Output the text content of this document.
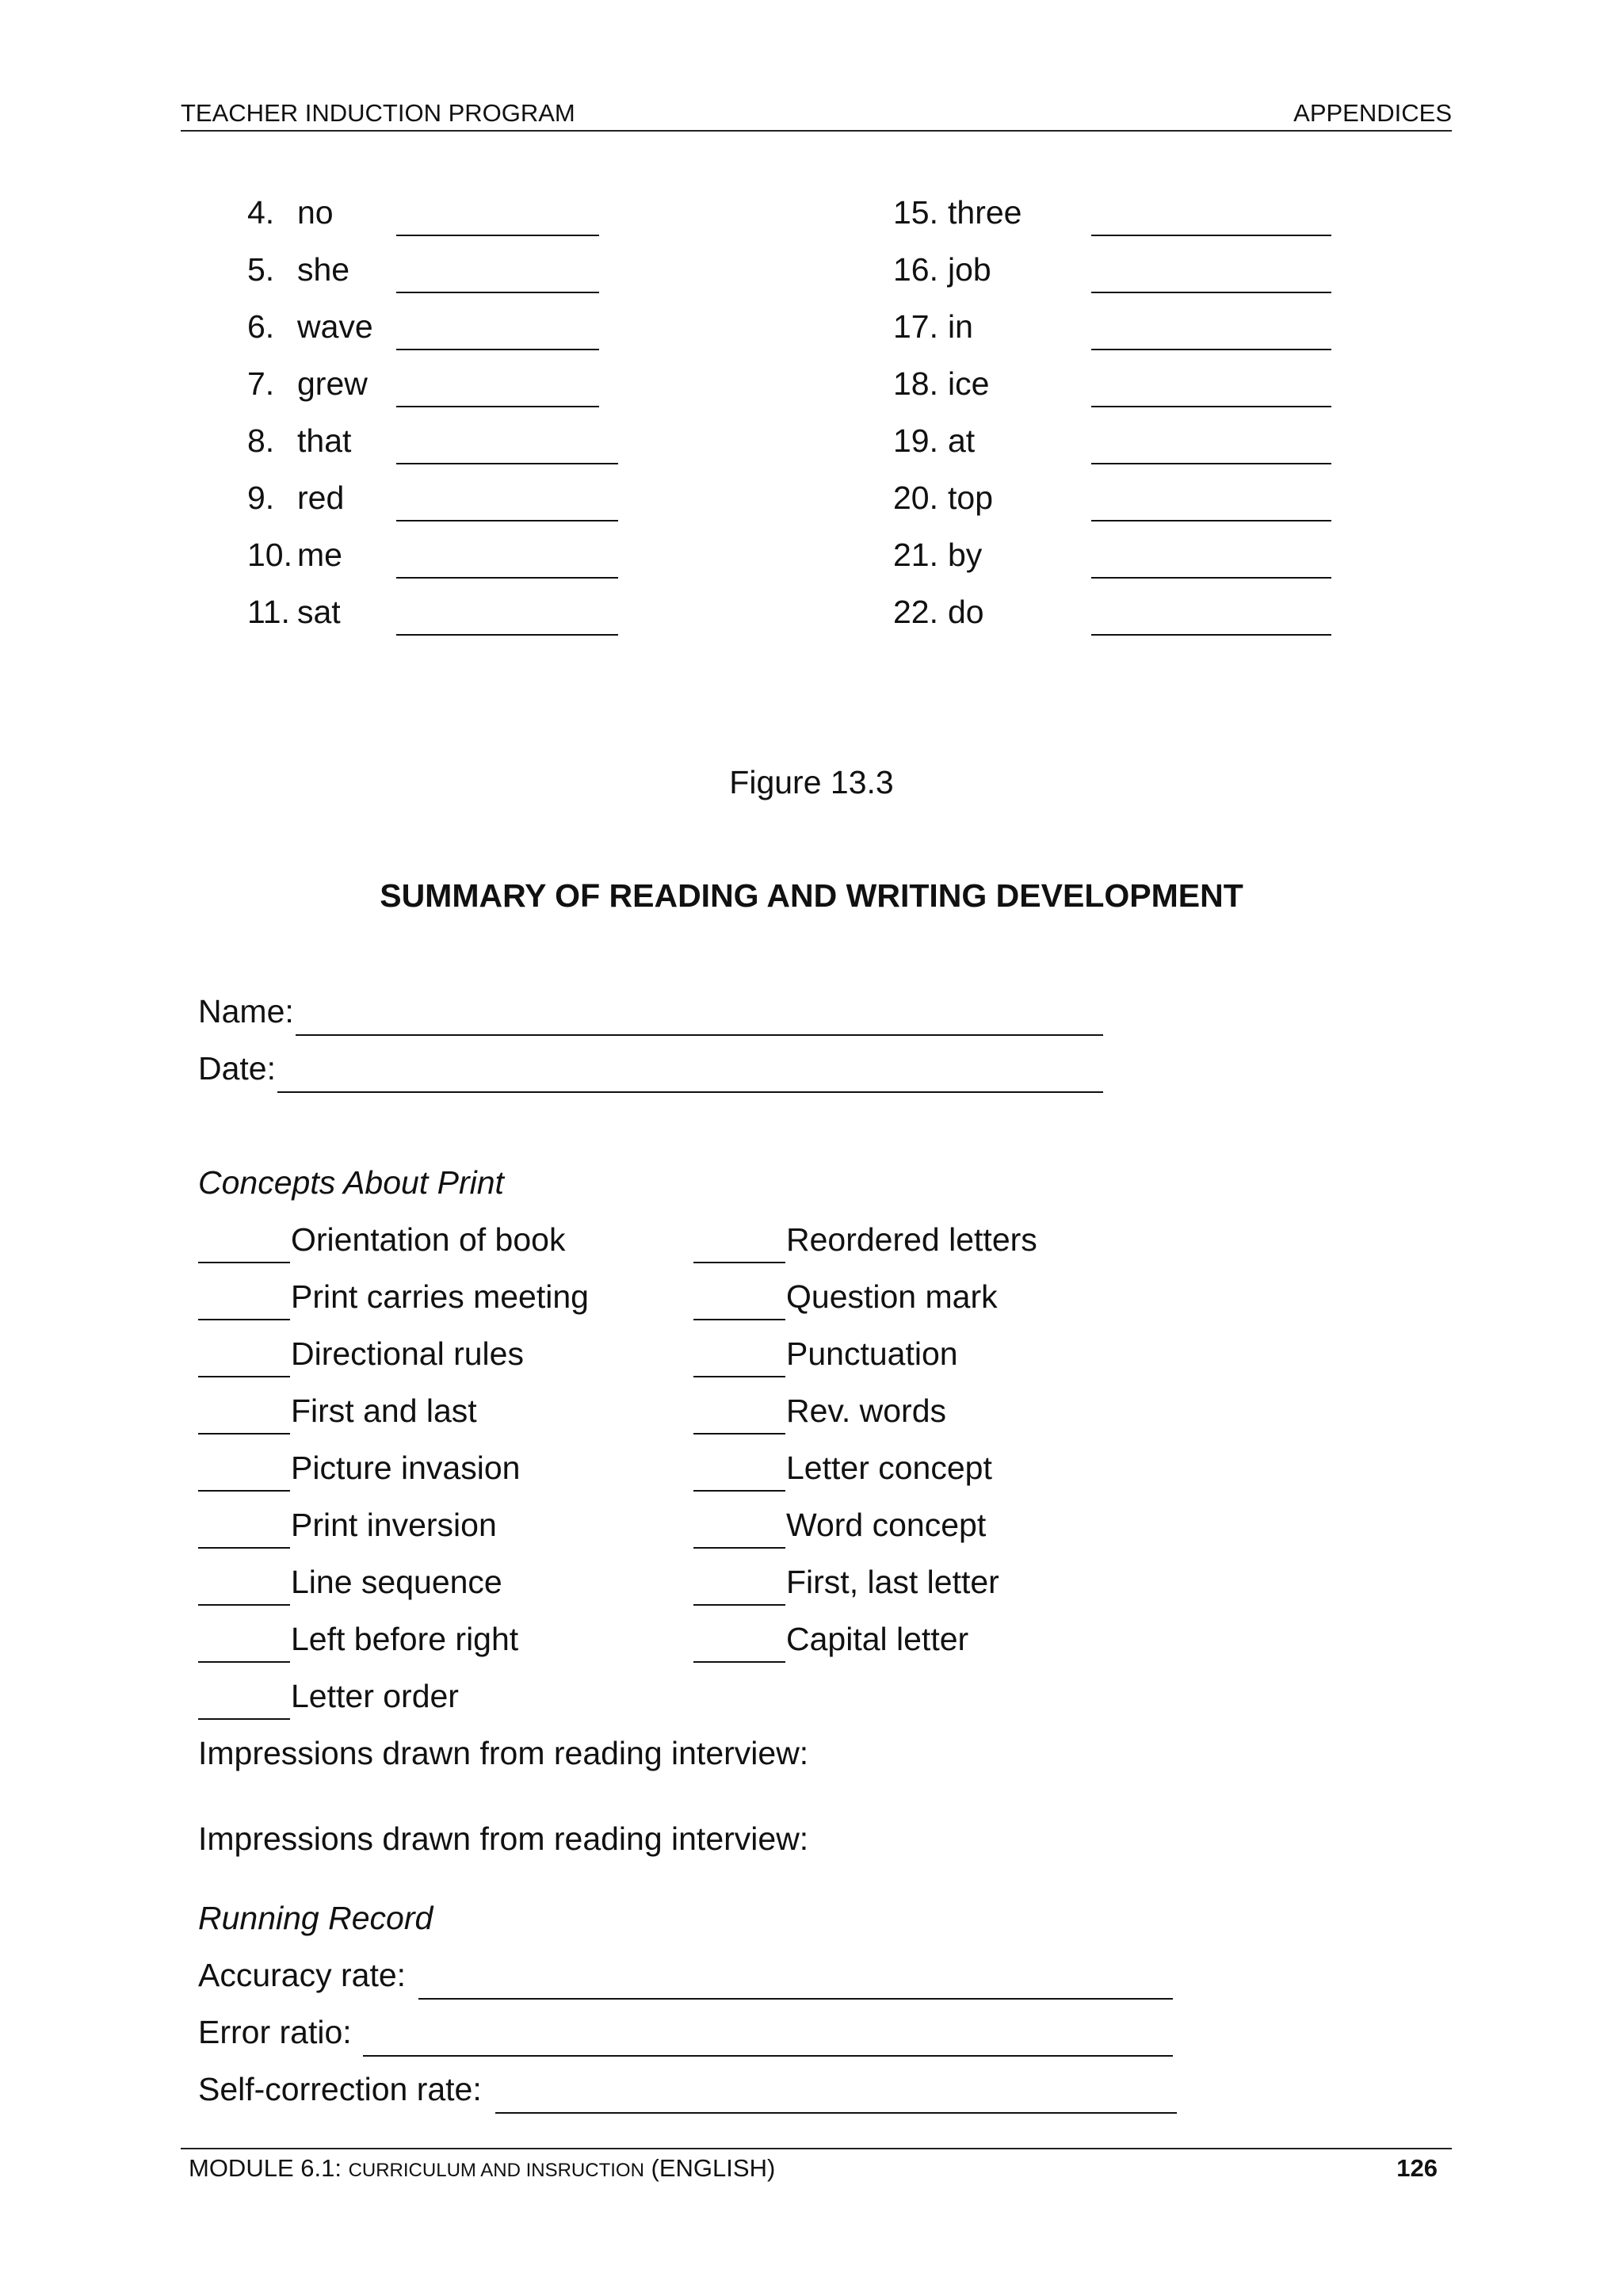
TEACHER INDUCTION PROGRAM	APPENDICES
4. no
5. she
6. wave
7. grew
8. that
9. red
10. me
11. sat
15. three
16. job
17. in
18. ice
19. at
20. top
21. by
22. do
Figure 13.3
SUMMARY OF READING AND WRITING DEVELOPMENT
Name:
Date:
Concepts About Print
Orientation of book
Print carries meeting
Directional rules
First and last
Picture invasion
Print inversion
Line sequence
Left before right
Letter order
Reordered letters
Question mark
Punctuation
Rev. words
Letter concept
Word concept
First, last letter
Capital letter
Impressions drawn from reading interview:
Impressions drawn from reading interview:
Running Record
Accuracy rate:
Error ratio:
Self-correction rate:
MODULE 6.1: CURRICULUM AND INSRUCTION (ENGLISH)	126
